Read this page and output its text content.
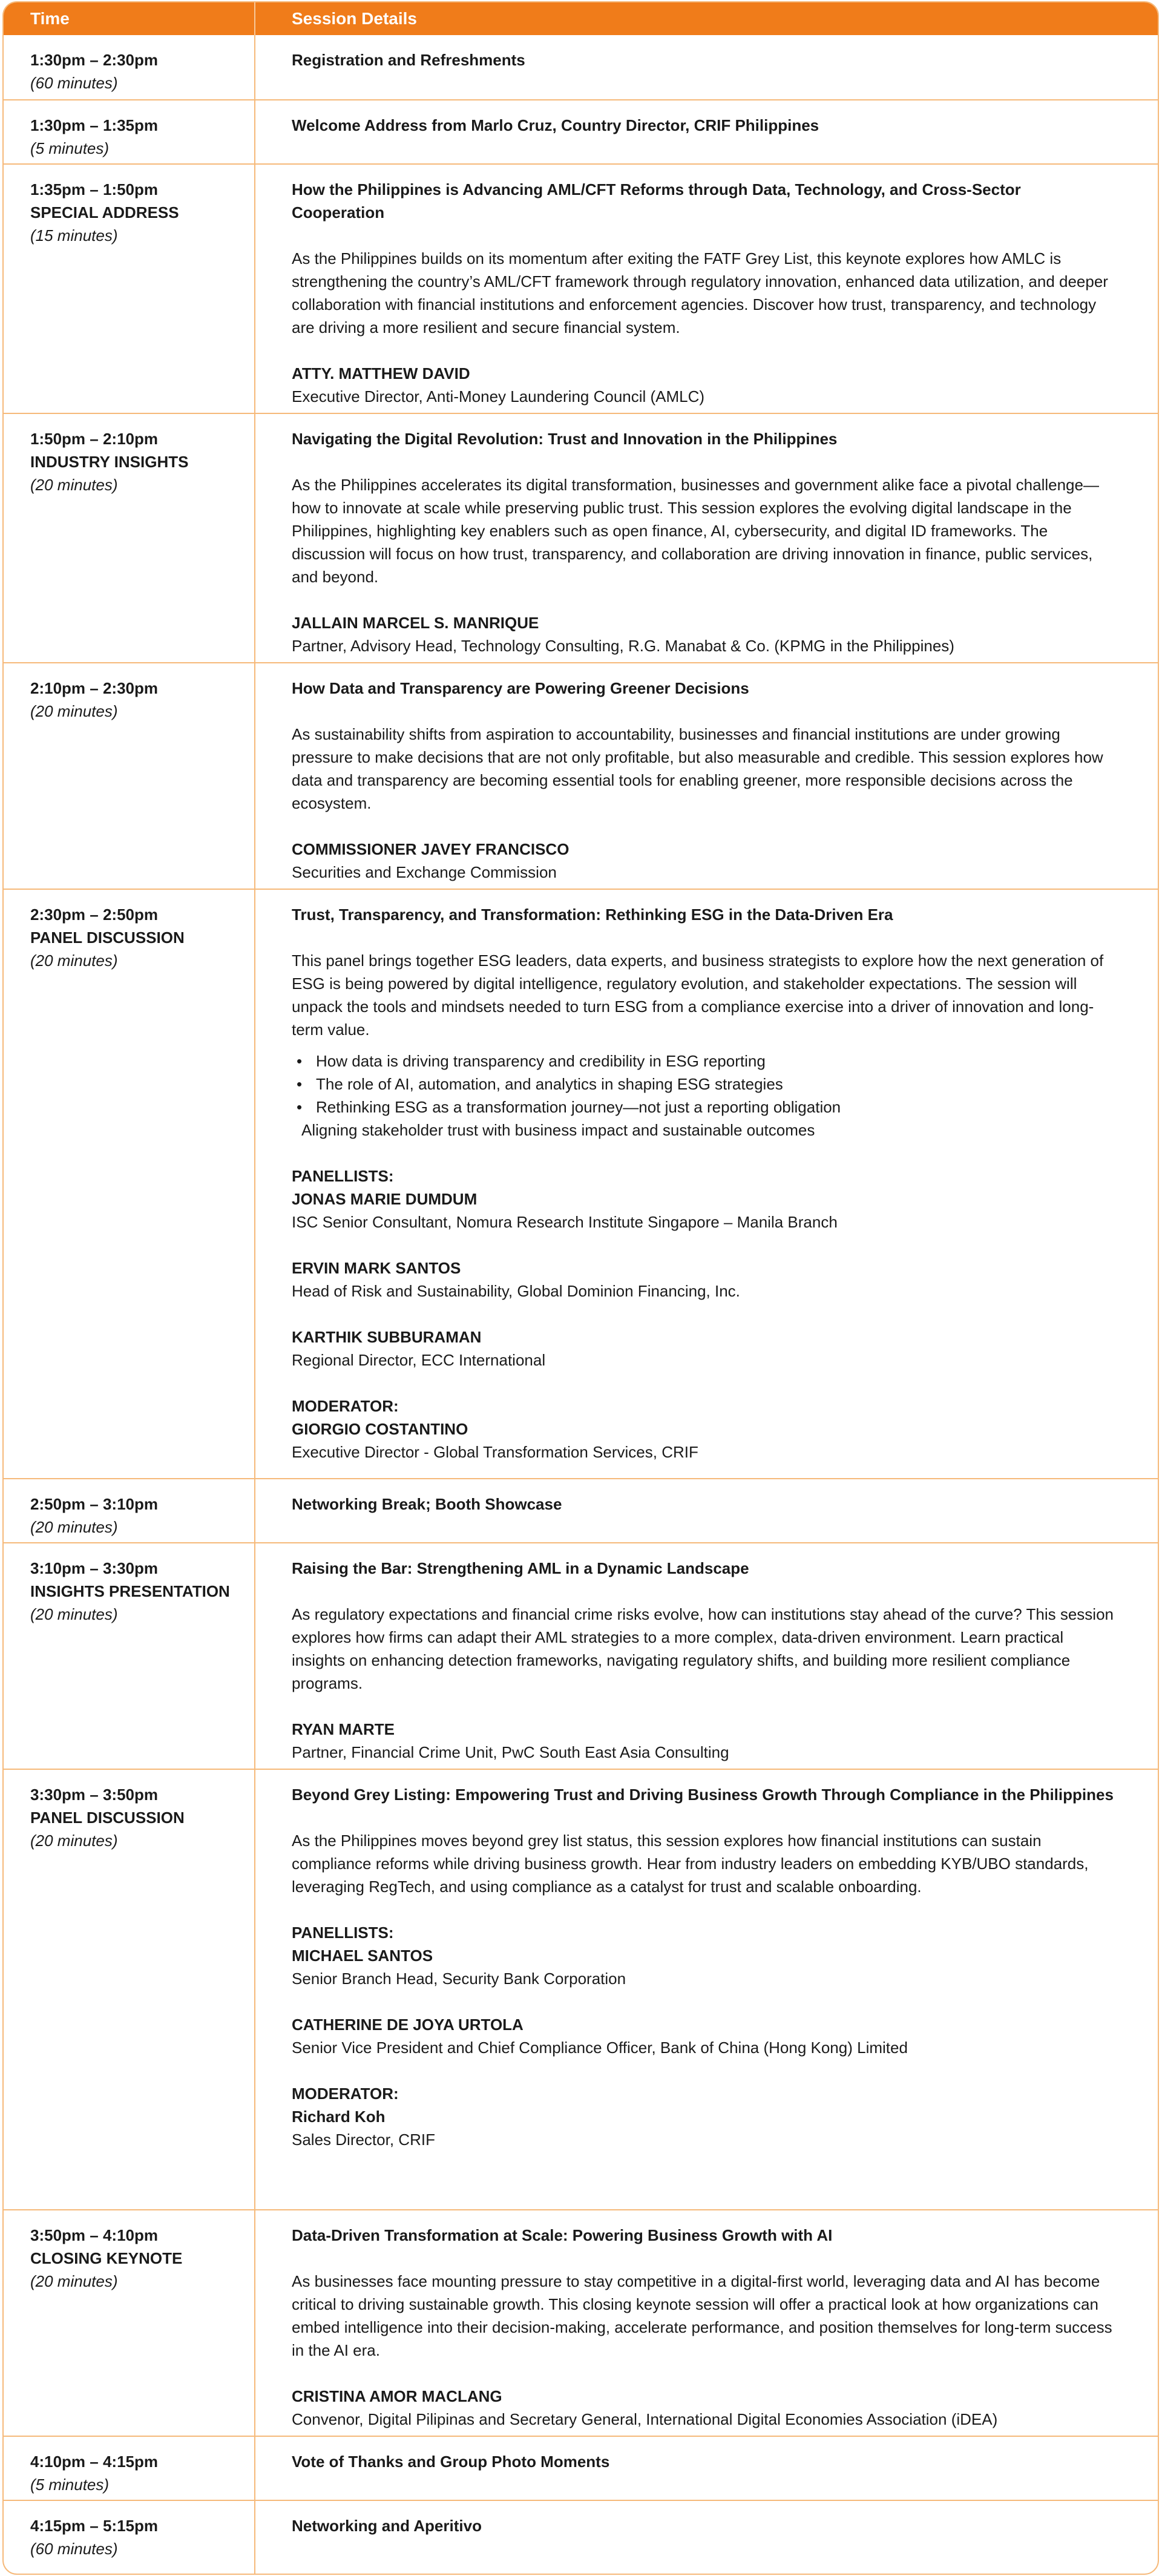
Time	Session Details
1:30pm – 2:30pm
(60 minutes)
Registration and Refreshments
1:30pm – 1:35pm
(5 minutes)
Welcome Address from Marlo Cruz, Country Director, CRIF Philippines
1:35pm – 1:50pm
SPECIAL ADDRESS
(15 minutes)
How the Philippines is Advancing AML/CFT Reforms through Data, Technology, and Cross-Sector Cooperation
As the Philippines builds on its momentum after exiting the FATF Grey List, this keynote explores how AMLC is strengthening the country’s AML/CFT framework through regulatory innovation, enhanced data utilization, and deeper collaboration with financial institutions and enforcement agencies. Discover how trust, transparency, and technology are driving a more resilient and secure financial system.
ATTY. MATTHEW DAVID
Executive Director, Anti-Money Laundering Council (AMLC)
1:50pm – 2:10pm
INDUSTRY INSIGHTS
(20 minutes)
Navigating the Digital Revolution: Trust and Innovation in the Philippines
As the Philippines accelerates its digital transformation, businesses and government alike face a pivotal challenge—how to innovate at scale while preserving public trust. This session explores the evolving digital landscape in the Philippines, highlighting key enablers such as open finance, AI, cybersecurity, and digital ID frameworks. The discussion will focus on how trust, transparency, and collaboration are driving innovation in finance, public services, and beyond.
JALLAIN MARCEL S. MANRIQUE
Partner, Advisory Head, Technology Consulting, R.G. Manabat & Co. (KPMG in the Philippines)
2:10pm – 2:30pm
(20 minutes)
How Data and Transparency are Powering Greener Decisions
As sustainability shifts from aspiration to accountability, businesses and financial institutions are under growing pressure to make decisions that are not only profitable, but also measurable and credible. This session explores how data and transparency are becoming essential tools for enabling greener, more responsible decisions across the ecosystem.
COMMISSIONER JAVEY FRANCISCO
Securities and Exchange Commission
2:30pm – 2:50pm
PANEL DISCUSSION
(20 minutes)
Trust, Transparency, and Transformation: Rethinking ESG in the Data-Driven Era
This panel brings together ESG leaders, data experts, and business strategists to explore how the next generation of ESG is being powered by digital intelligence, regulatory evolution, and stakeholder expectations. The session will unpack the tools and mindsets needed to turn ESG from a compliance exercise into a driver of innovation and long-term value.
• How data is driving transparency and credibility in ESG reporting
• The role of AI, automation, and analytics in shaping ESG strategies
• Rethinking ESG as a transformation journey—not just a reporting obligation
Aligning stakeholder trust with business impact and sustainable outcomes
PANELLISTS:
JONAS MARIE DUMDUM
ISC Senior Consultant, Nomura Research Institute Singapore – Manila Branch
ERVIN MARK SANTOS
Head of Risk and Sustainability, Global Dominion Financing, Inc.
KARTHIK SUBBURAMAN
Regional Director, ECC International
MODERATOR:
GIORGIO COSTANTINO
Executive Director - Global Transformation Services, CRIF
2:50pm – 3:10pm
(20 minutes)
Networking Break; Booth Showcase
3:10pm – 3:30pm
INSIGHTS PRESENTATION
(20 minutes)
Raising the Bar: Strengthening AML in a Dynamic Landscape
As regulatory expectations and financial crime risks evolve, how can institutions stay ahead of the curve? This session explores how firms can adapt their AML strategies to a more complex, data-driven environment. Learn practical insights on enhancing detection frameworks, navigating regulatory shifts, and building more resilient compliance programs.
RYAN MARTE
Partner, Financial Crime Unit, PwC South East Asia Consulting
3:30pm – 3:50pm
PANEL DISCUSSION
(20 minutes)
Beyond Grey Listing: Empowering Trust and Driving Business Growth Through Compliance in the Philippines
As the Philippines moves beyond grey list status, this session explores how financial institutions can sustain compliance reforms while driving business growth. Hear from industry leaders on embedding KYB/UBO standards, leveraging RegTech, and using compliance as a catalyst for trust and scalable onboarding.
PANELLISTS:
MICHAEL SANTOS
Senior Branch Head, Security Bank Corporation
CATHERINE DE JOYA URTOLA
Senior Vice President and Chief Compliance Officer, Bank of China (Hong Kong) Limited
MODERATOR:
Richard Koh
Sales Director, CRIF
3:50pm – 4:10pm
CLOSING KEYNOTE
(20 minutes)
Data-Driven Transformation at Scale: Powering Business Growth with AI
As businesses face mounting pressure to stay competitive in a digital-first world, leveraging data and AI has become critical to driving sustainable growth. This closing keynote session will offer a practical look at how organizations can embed intelligence into their decision-making, accelerate performance, and position themselves for long-term success in the AI era.
CRISTINA AMOR MACLANG
Convenor, Digital Pilipinas and Secretary General, International Digital Economies Association (iDEA)
4:10pm – 4:15pm
(5 minutes)
Vote of Thanks and Group Photo Moments
4:15pm – 5:15pm
(60 minutes)
Networking and Aperitivo
